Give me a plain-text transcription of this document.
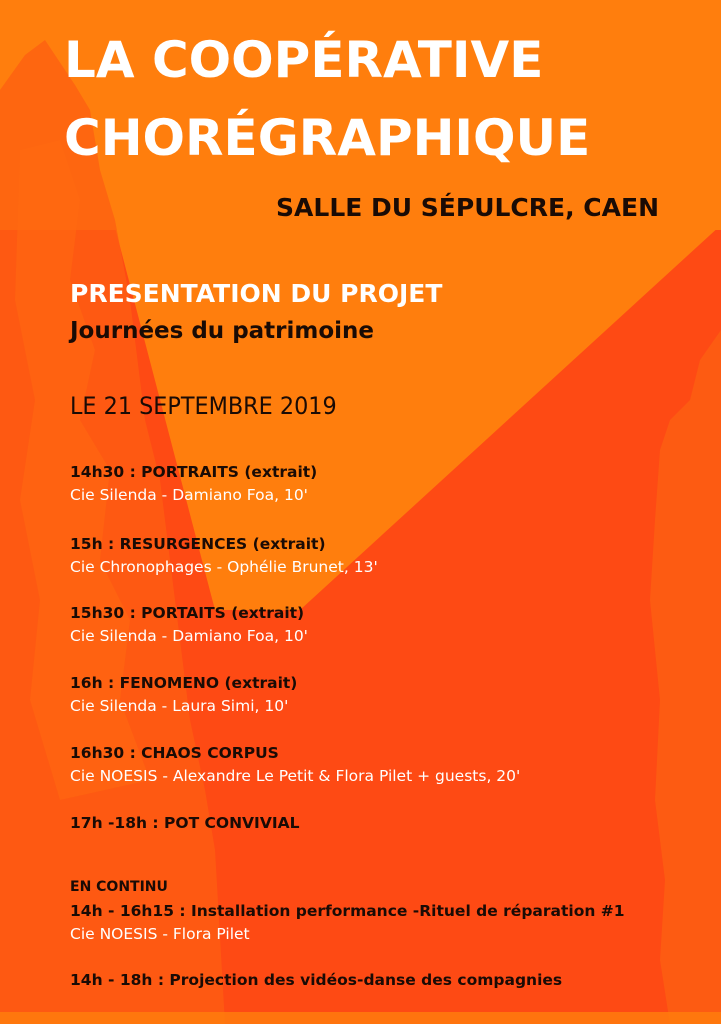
LA COOPÉRATIVE
CHORÉGRAPHIQUE
SALLE DU SÉPULCRE, CAEN
PRESENTATION DU PROJET
Journées du patrimoine
LE 21 SEPTEMBRE 2019
14h30 : PORTRAITS (extrait)
Cie Silenda - Damiano Foa, 10'
15h : RESURGENCES (extrait)
Cie Chronophages - Ophélie Brunet, 13'
15h30 : PORTAITS (extrait)
Cie Silenda - Damiano Foa, 10'
16h : FENOMENO (extrait)
Cie Silenda - Laura Simi, 10'
16h30 : CHAOS CORPUS
Cie NOESIS - Alexandre Le Petit & Flora Pilet + guests, 20'
17h -18h : POT CONVIVIAL
EN CONTINU
14h - 16h15 : Installation performance -Rituel de réparation #1
Cie NOESIS - Flora Pilet
14h - 18h : Projection des vidéos-danse des compagnies
